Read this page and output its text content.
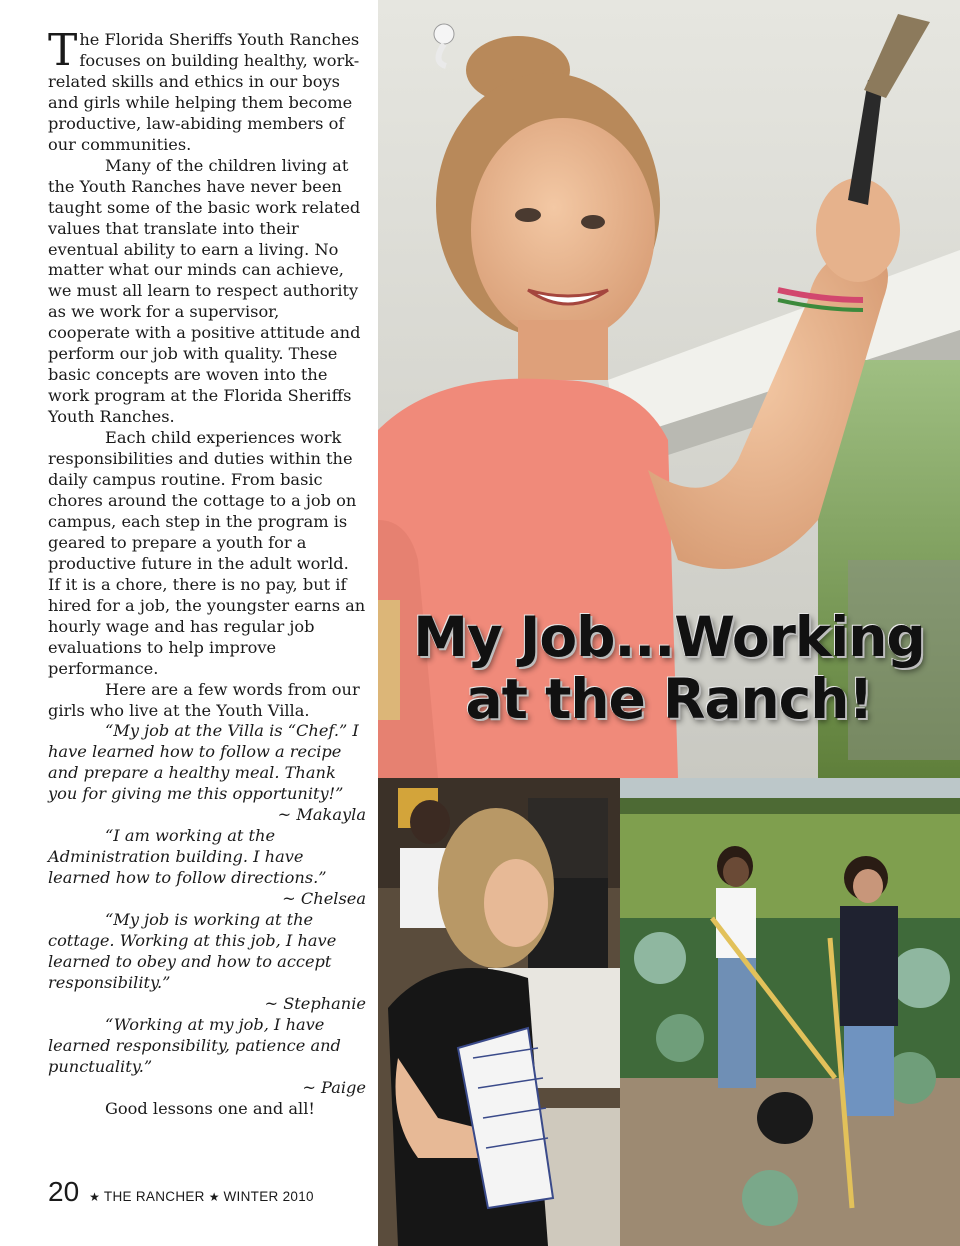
The Florida Sheriffs Youth Ranches focuses on building healthy, work-related skills and ethics in our boys and girls while helping them become productive, law-abiding members of our communities.

Many of the children living at the Youth Ranches have never been taught some of the basic work related values that translate into their eventual ability to earn a living. No matter what our minds can achieve, we must all learn to respect authority as we work for a supervisor, cooperate with a positive attitude and perform our job with quality. These basic concepts are woven into the work program at the Florida Sheriffs Youth Ranches.

Each child experiences work responsibilities and duties within the daily campus routine. From basic chores around the cottage to a job on campus, each step in the program is geared to prepare a youth for a productive future in the adult world. If it is a chore, there is no pay, but if hired for a job, the youngster earns an hourly wage and has regular job evaluations to help improve performance.

Here are a few words from our girls who live at the Youth Villa.

“My job at the Villa is “Chef.” I have learned how to follow a recipe and prepare a healthy meal. Thank you for giving me this opportunity!”

~ Makayla

“I am working at the Administration building. I have learned how to follow directions.”

~ Chelsea

“My job is working at the cottage. Working at this job, I have learned to obey and how to accept responsibility.”

~ Stephanie

“Working at my job, I have learned responsibility, patience and punctuality.”

~ Paige

Good lessons one and all!

20 ★ THE RANCHER ★ WINTER 2010
My Job...Working
at the Ranch!
